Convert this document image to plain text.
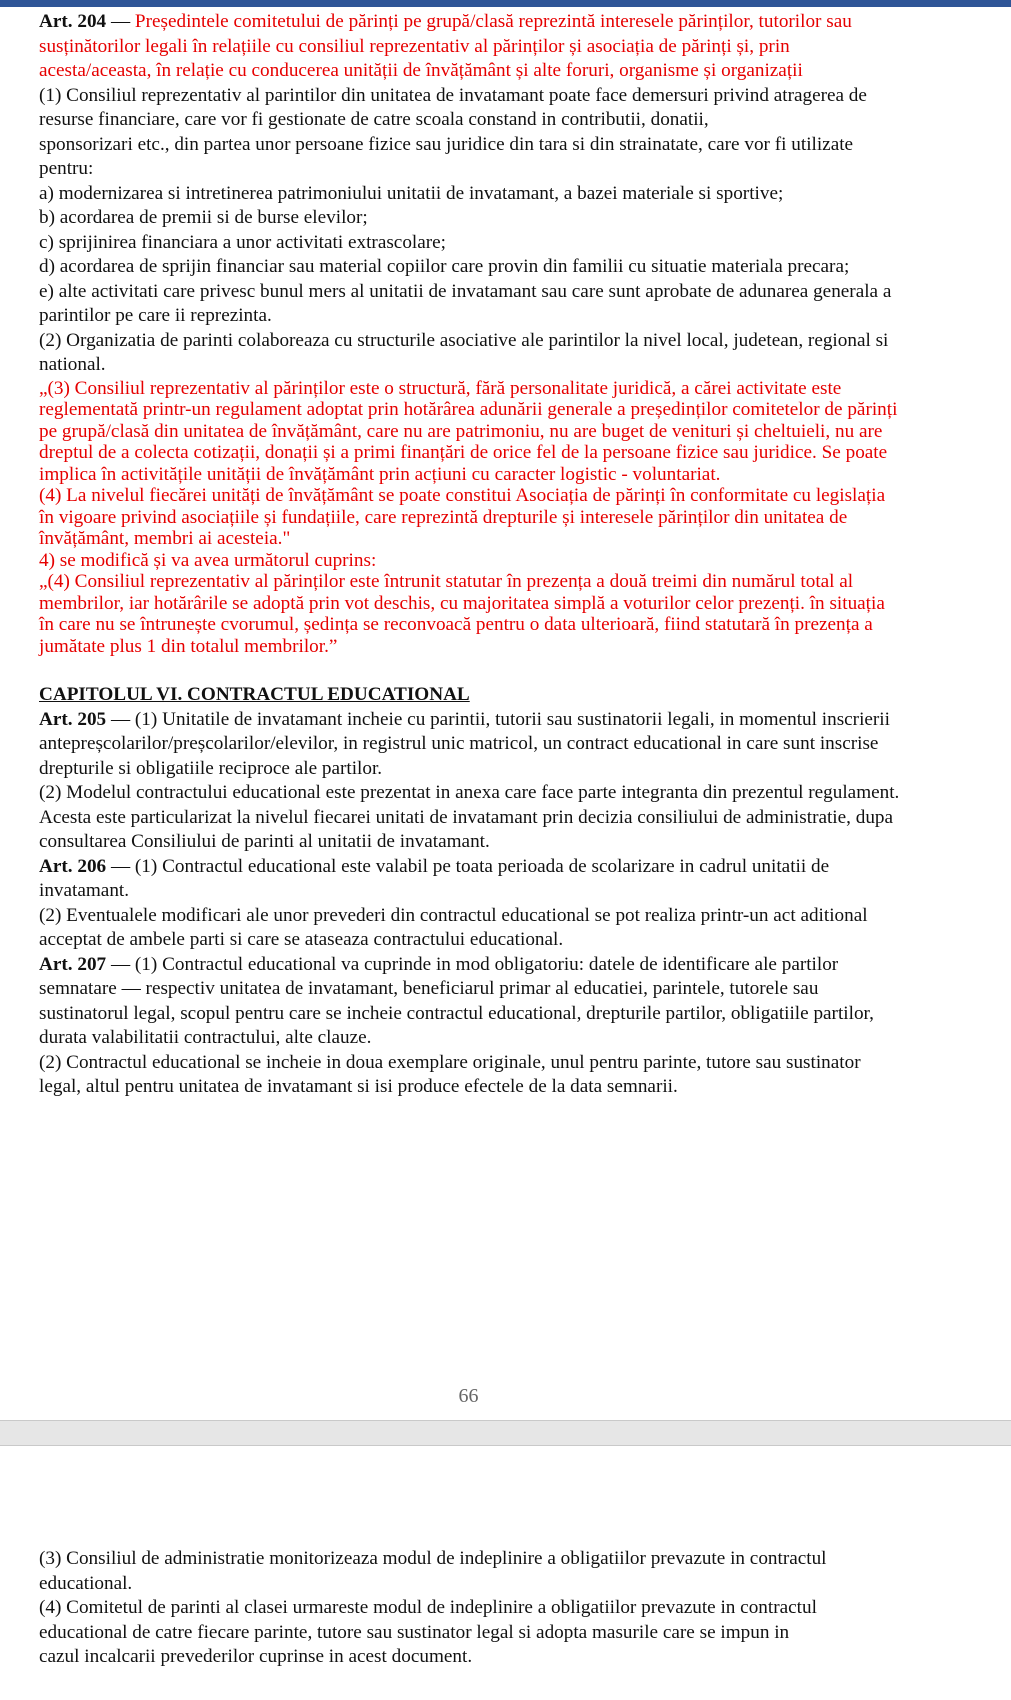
Art. 204 — Președintele comitetului de părinți pe grupă/clasă reprezintă interesele părinților, tutorilor sau susținătorilor legali în relațiile cu consiliul reprezentativ al părinților și asociația de părinți și, prin acesta/aceasta, în relație cu conducerea unității de învățământ și alte foruri, organisme și organizații

(1) Consiliul reprezentativ al parintilor din unitatea de invatamant poate face demersuri privind atragerea de resurse financiare, care vor fi gestionate de catre scoala constand in contributii, donatii,

sponsorizari etc., din partea unor persoane fizice sau juridice din tara si din strainatate, care vor fi utilizate pentru:

a) modernizarea si intretinerea patrimoniului unitatii de invatamant, a bazei materiale si sportive;

b) acordarea de premii si de burse elevilor;

c) sprijinirea financiara a unor activitati extrascolare;

d) acordarea de sprijin financiar sau material copiilor care provin din familii cu situatie materiala precara;

e) alte activitati care privesc bunul mers al unitatii de invatamant sau care sunt aprobate de adunarea generala a parintilor pe care ii reprezinta.

(2) Organizatia de parinti colaboreaza cu structurile asociative ale parintilor la nivel local, judetean, regional si national.

„(3) Consiliul reprezentativ al părinților este o structură, fără personalitate juridică, a cărei activitate este reglementată printr-un regulament adoptat prin hotărârea adunării generale a președinților comitetelor de părinți pe grupă/clasă din unitatea de învățământ, care nu are patrimoniu, nu are buget de venituri și cheltuieli, nu are dreptul de a colecta cotizații, donații și a primi finanțări de orice fel de la persoane fizice sau juridice. Se poate implica în activitățile unității de învățământ prin acțiuni cu caracter logistic - voluntariat.

(4) La nivelul fiecărei unități de învățământ se poate constitui Asociația de părinți în conformitate cu legislația în vigoare privind asociațiile și fundațiile, care reprezintă drepturile și interesele părinților din unitatea de învățământ, membri ai acesteia."

4) se modifică și va avea următorul cuprins:

„(4) Consiliul reprezentativ al părinților este întrunit statutar în prezența a două treimi din numărul total al membrilor, iar hotărârile se adoptă prin vot deschis, cu majoritatea simplă a voturilor celor prezenți. în situația în care nu se întrunește cvorumul, ședința se reconvoacă pentru o data ulterioară, fiind statutară în prezența a jumătate plus 1 din totalul membrilor.”

CAPITOLUL VI. CONTRACTUL EDUCATIONAL

Art. 205 — (1) Unitatile de invatamant incheie cu parintii, tutorii sau sustinatorii legali, in momentul inscrierii

antepreșcolarilor/preșcolarilor/elevilor, in registrul unic matricol, un contract educational in care sunt inscrise drepturile si obligatiile reciproce ale partilor.

(2) Modelul contractului educational este prezentat in anexa care face parte integranta din prezentul regulament. Acesta este particularizat la nivelul fiecarei unitati de invatamant prin decizia consiliului de administratie, dupa consultarea Consiliului de parinti al unitatii de invatamant.

Art. 206 — (1) Contractul educational este valabil pe toata perioada de scolarizare in cadrul unitatii de invatamant.

(2) Eventualele modificari ale unor prevederi din contractul educational se pot realiza printr-un act aditional acceptat de ambele parti si care se ataseaza contractului educational.

Art. 207 — (1) Contractul educational va cuprinde in mod obligatoriu: datele de identificare ale partilor semnatare — respectiv unitatea de invatamant, beneficiarul primar al educatiei, parintele, tutorele sau sustinatorul legal, scopul pentru care se incheie contractul educational, drepturile partilor, obligatiile partilor, durata valabilitatii contractului, alte clauze.

(2) Contractul educational se incheie in doua exemplare originale, unul pentru parinte, tutore sau sustinator legal, altul pentru unitatea de invatamant si isi produce efectele de la data semnarii.

66

(3) Consiliul de administratie monitorizeaza modul de indeplinire a obligatiilor prevazute in contractul educational.

(4) Comitetul de parinti al clasei urmareste modul de indeplinire a obligatiilor prevazute in contractul educational de catre fiecare parinte, tutore sau sustinator legal si adopta masurile care se impun in

cazul incalcarii prevederilor cuprinse in acest document.
